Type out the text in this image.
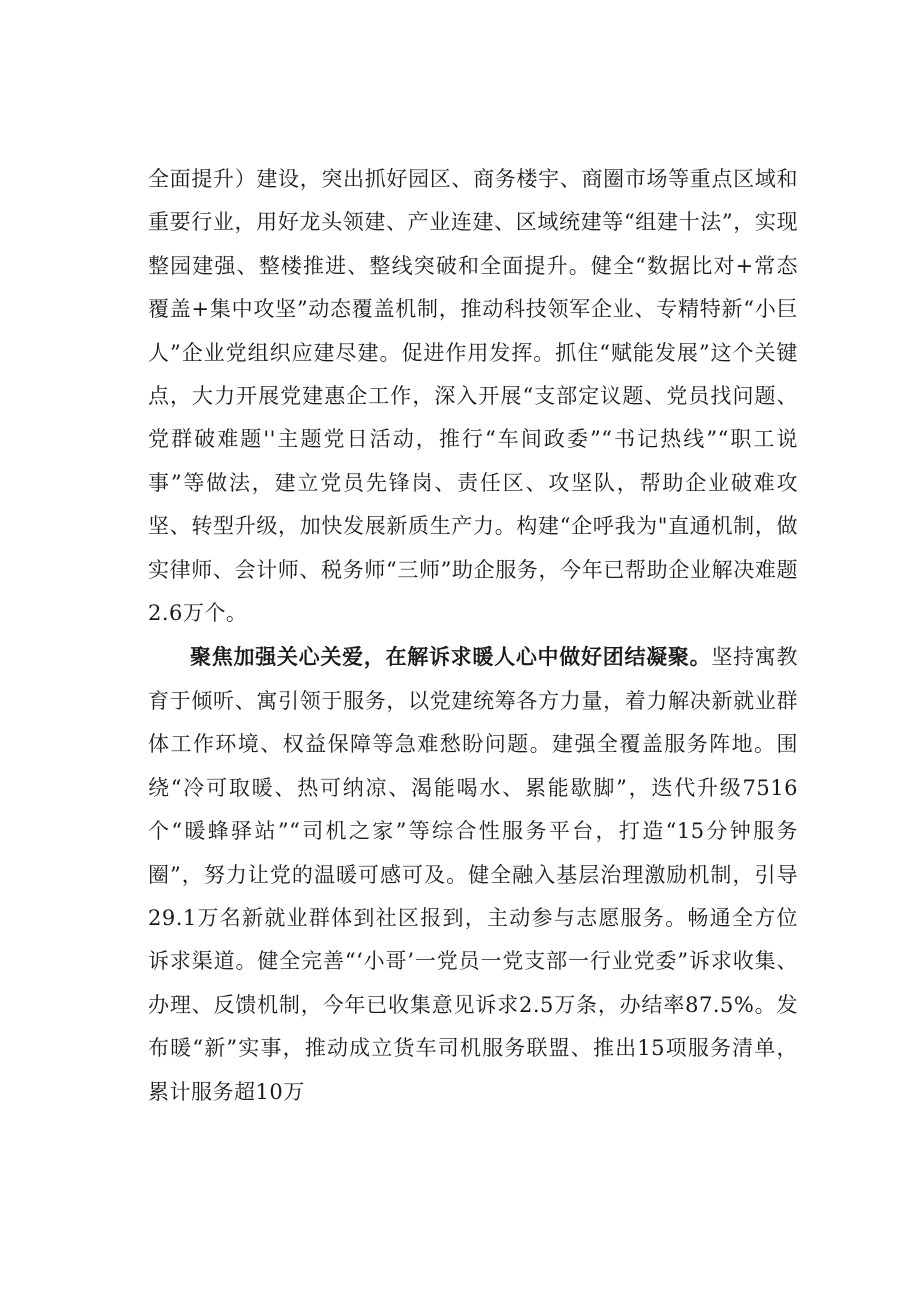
全面提升）建设，突出抓好园区、商务楼宇、商圈市场等重点区域和重要行业，用好龙头领建、产业连建、区域统建等“组建十法”，实现整园建强、整楼推进、整线突破和全面提升。健全“数据比对+常态覆盖+集中攻坚”动态覆盖机制，推动科技领军企业、专精特新“小巨人”企业党组织应建尽建。促进作用发挥。抓住“赋能发展”这个关键点，大力开展党建惠企工作，深入开展“支部定议题、党员找问题、党群破难题''主题党日活动，推行“车间政委”“书记热线”“职工说事”等做法，建立党员先锋岗、责任区、攻坚队，帮助企业破难攻坚、转型升级，加快发展新质生产力。构建“企呼我为"直通机制，做实律师、会计师、税务师“三师”助企服务，今年已帮助企业解决难题2.6万个。

聚焦加强关心关爱，在解诉求暖人心中做好团结凝聚。坚持寓教育于倾听、寓引领于服务，以党建统筹各方力量，着力解决新就业群体工作环境、权益保障等急难愁盼问题。建强全覆盖服务阵地。围绕“冷可取暖、热可纳凉、渴能喝水、累能歇脚”，迭代升级7516个“暖蜂驿站”“司机之家”等综合性服务平台，打造“15分钟服务圈”，努力让党的温暖可感可及。健全融入基层治理激励机制，引导29.1万名新就业群体到社区报到，主动参与志愿服务。畅通全方位诉求渠道。健全完善“‘小哥’一党员一党支部一行业党委”诉求收集、办理、反馈机制，今年已收集意见诉求2.5万条，办结率87.5%。发布暖“新”实事，推动成立货车司机服务联盟、推出15项服务清单，累计服务超10万
